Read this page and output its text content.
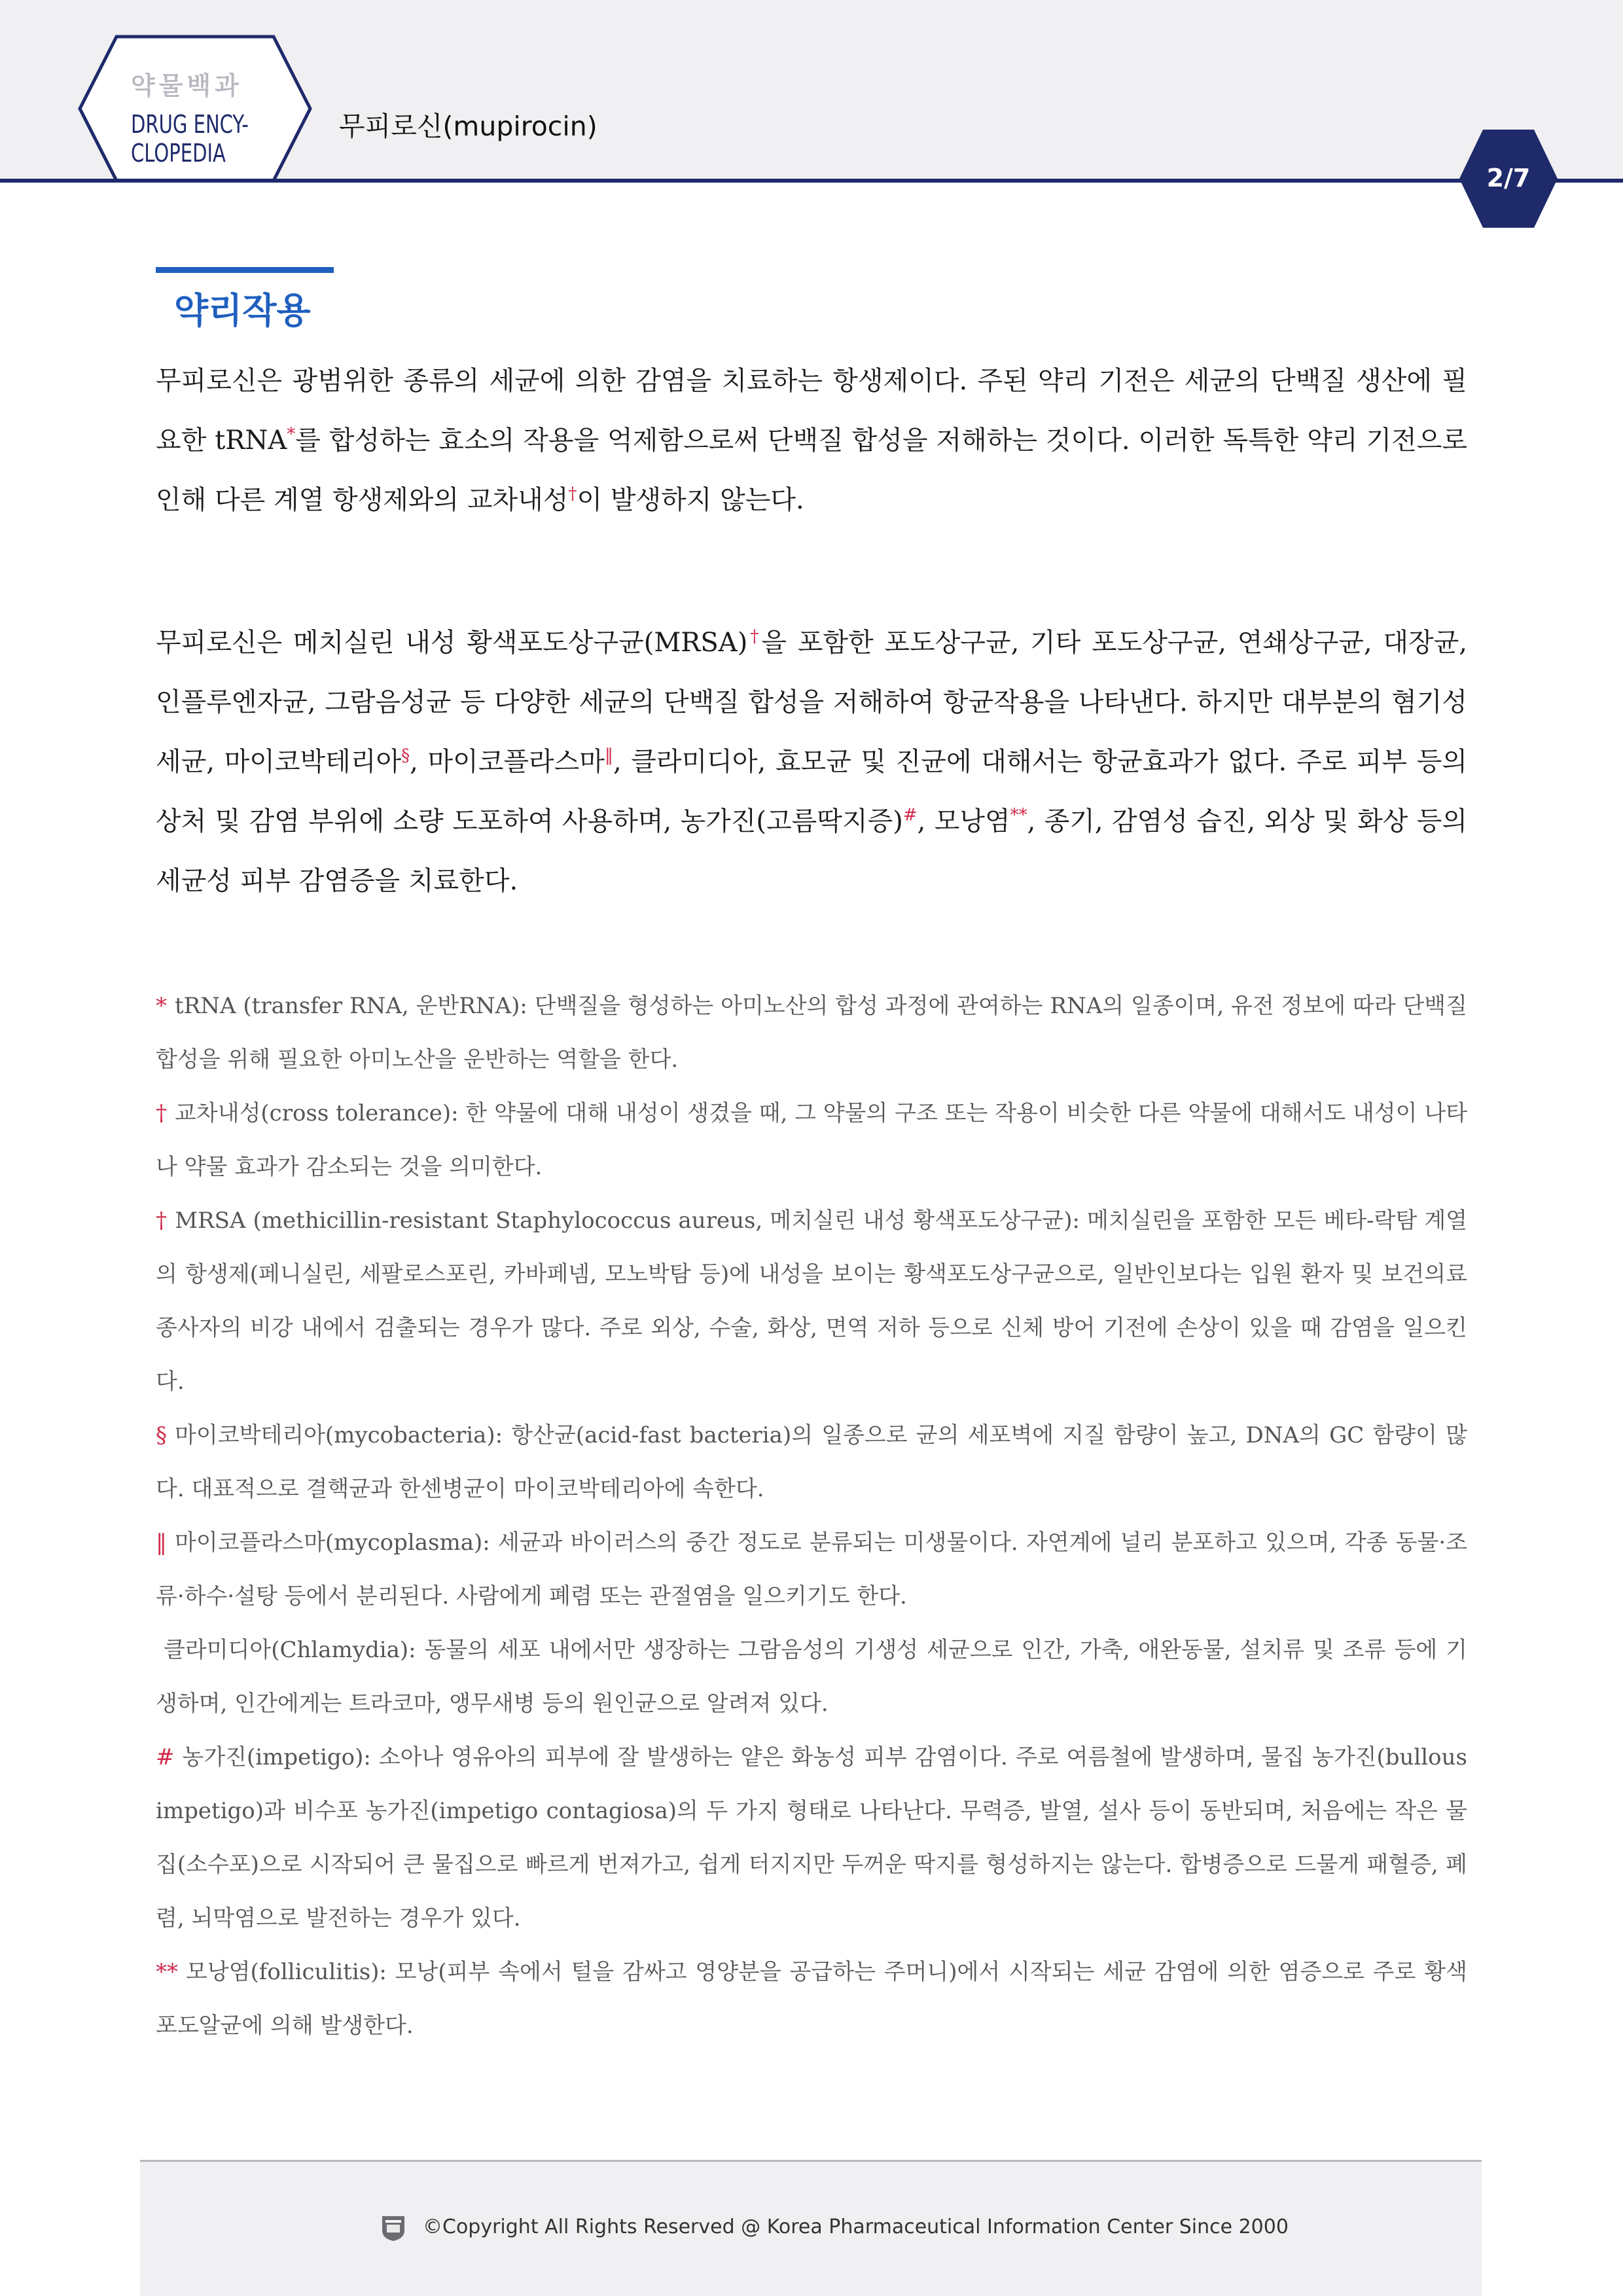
약물백과
DRUG ENCY-
CLOPEDIA
무피로신(mupirocin)
2/7
약리작용
무피로신은 광범위한 종류의 세균에 의한 감염을 치료하는 항생제이다. 주된 약리 기전은 세균의 단백질 생산에 필요한 tRNA*를 합성하는 효소의 작용을 억제함으로써 단백질 합성을 저해하는 것이다. 이러한 독특한 약리 기전으로 인해 다른 계열 항생제와의 교차내성†이 발생하지 않는다.
무피로신은 메치실린 내성 황색포도상구균(MRSA)†을 포함한 포도상구균, 기타 포도상구균, 연쇄상구균, 대장균, 인플루엔자균, 그람음성균 등 다양한 세균의 단백질 합성을 저해하여 항균작용을 나타낸다. 하지만 대부분의 혐기성 세균, 마이코박테리아§, 마이코플라스마‖, 클라미디아, 효모균 및 진균에 대해서는 항균효과가 없다. 주로 피부 등의 상처 및 감염 부위에 소량 도포하여 사용하며, 농가진(고름딱지증)#, 모낭염**, 종기, 감염성 습진, 외상 및 화상 등의 세균성 피부 감염증을 치료한다.

* tRNA (transfer RNA, 운반RNA): 단백질을 형성하는 아미노산의 합성 과정에 관여하는 RNA의 일종이며, 유전 정보에 따라 단백질 합성을 위해 필요한 아미노산을 운반하는 역할을 한다.

† 교차내성(cross tolerance): 한 약물에 대해 내성이 생겼을 때, 그 약물의 구조 또는 작용이 비슷한 다른 약물에 대해서도 내성이 나타나 약물 효과가 감소되는 것을 의미한다.

† MRSA (methicillin-resistant Staphylococcus aureus, 메치실린 내성 황색포도상구균): 메치실린을 포함한 모든 베타-락탐 계열의 항생제(페니실린, 세팔로스포린, 카바페넴, 모노박탐 등)에 내성을 보이는 황색포도상구균으로, 일반인보다는 입원 환자 및 보건의료 종사자의 비강 내에서 검출되는 경우가 많다. 주로 외상, 수술, 화상, 면역 저하 등으로 신체 방어 기전에 손상이 있을 때 감염을 일으킨다.

§ 마이코박테리아(mycobacteria): 항산균(acid-fast bacteria)의 일종으로 균의 세포벽에 지질 함량이 높고, DNA의 GC 함량이 많다. 대표적으로 결핵균과 한센병균이 마이코박테리아에 속한다.

‖ 마이코플라스마(mycoplasma): 세균과 바이러스의 중간 정도로 분류되는 미생물이다. 자연계에 널리 분포하고 있으며, 각종 동물·조류·하수·설탕 등에서 분리된다. 사람에게 폐렴 또는 관절염을 일으키기도 한다.

클라미디아(Chlamydia): 동물의 세포 내에서만 생장하는 그람음성의 기생성 세균으로 인간, 가축, 애완동물, 설치류 및 조류 등에 기생하며, 인간에게는 트라코마, 앵무새병 등의 원인균으로 알려져 있다.

# 농가진(impetigo): 소아나 영유아의 피부에 잘 발생하는 얕은 화농성 피부 감염이다. 주로 여름철에 발생하며, 물집 농가진(bullous impetigo)과 비수포 농가진(impetigo contagiosa)의 두 가지 형태로 나타난다. 무력증, 발열, 설사 등이 동반되며, 처음에는 작은 물집(소수포)으로 시작되어 큰 물집으로 빠르게 번져가고, 쉽게 터지지만 두꺼운 딱지를 형성하지는 않는다. 합병증으로 드물게 패혈증, 폐렴, 뇌막염으로 발전하는 경우가 있다.

** 모낭염(folliculitis): 모낭(피부 속에서 털을 감싸고 영양분을 공급하는 주머니)에서 시작되는 세균 감염에 의한 염증으로 주로 황색포도알균에 의해 발생한다.

©Copyright All Rights Reserved @ Korea Pharmaceutical Information Center Since 2000
